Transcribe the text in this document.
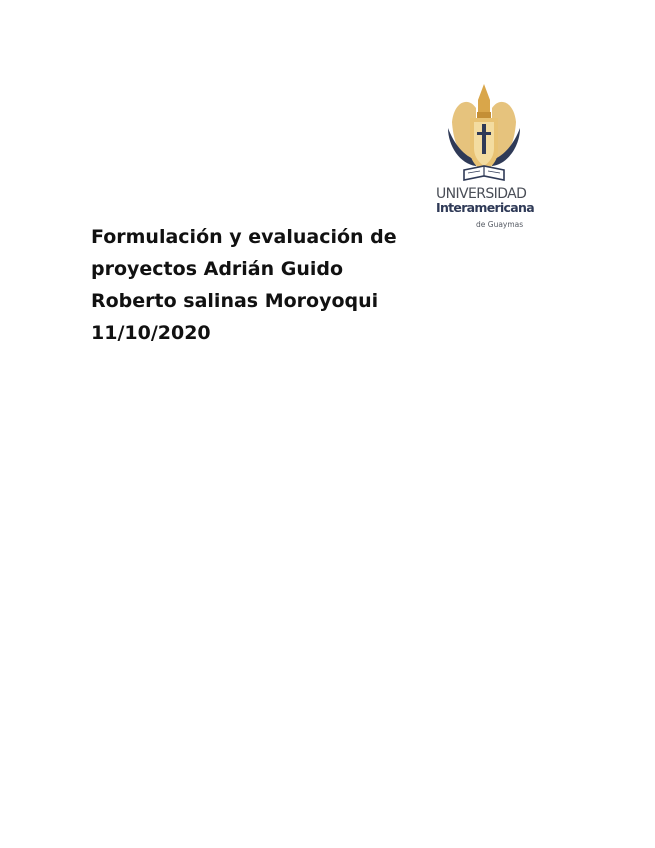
UNIVERSIDAD
Interamericana
de Guaymas
Formulación y evaluación de
proyectos Adrián Guido
Roberto salinas Moroyoqui
11/10/2020
